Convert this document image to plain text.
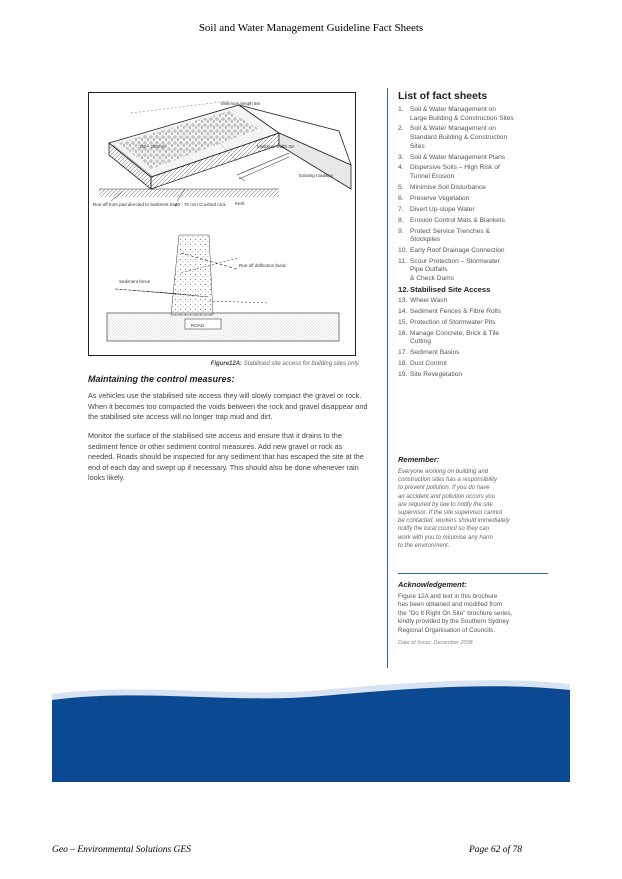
Soil and Water Management Guideline Fact Sheets
Minimum length 5m
Minimum width 3m
150 - 200mm
Existing roadway
Run-off from pad directed to sediment trap
40 - 70 mm Crushed rock Kerb
Run-off deflection bund
Sediment fence
ROAD
Figure12A: Stabilised site access for building sites only.
Maintaining the control measures:

As vehicles use the stabilised site access they will slowly compact the gravel or rock. When it becomes too compacted the voids between the rock and gravel disappear and the stabilised site access will no longer trap mud and dirt.

Monitor the surface of the stabilised site access and ensure that it drains to the sediment fence or other sediment control measures. Add new gravel or rock as needed. Roads should be inspected for any sediment that has escaped the site at the end of each day and swept up if necessary. This should also be done whenever rain looks likely.

List of fact sheets
1. Soil & Water Management on
Large Building & Construction Sites
2. Soil & Water Management on
Standard Building & Construction
Sites
3. Soil & Water Management Plans
4. Dispersive Soils – High Risk of
Tunnel Erosion
5. Minimise Soil Disturbance
6. Preserve Vegetation
7. Divert Up-slope Water
8. Erosion Control Mats & Blankets
9. Protect Service Trenches &
Stockpiles
10. Early Roof Drainage Connection
11. Scour Protection – Stormwater
Pipe Outfalls
& Check Dams
12. Stabilised Site Access
13. Wheel Wash
14. Sediment Fences & Fibre Rolls
15. Protection of Stormwater Pits
16. Manage Concrete, Brick & Tile
Cutting
17. Sediment Basins
18. Dust Control
19. Site Revegetation
Remember:

Everyone working on building and
construction sites has a responsibility
to prevent pollution. If you do have
an accident and pollution occurs you
are required by law to notify the site
supervisor. If the site supervisor cannot
be contacted, workers should immediately
notify the local council so they can
work with you to minimise any harm
to the environment.

Acknowledgement:

Figure 12A and text in this brochure
has been obtained and modified from
the "Do It Right On Site" brochure series,
kindly provided by the Southern Sydney
Regional Organisation of Councils.

Date of Issue: December 2008
Geo – Environmental Solutions GES	Page 62 of 78
